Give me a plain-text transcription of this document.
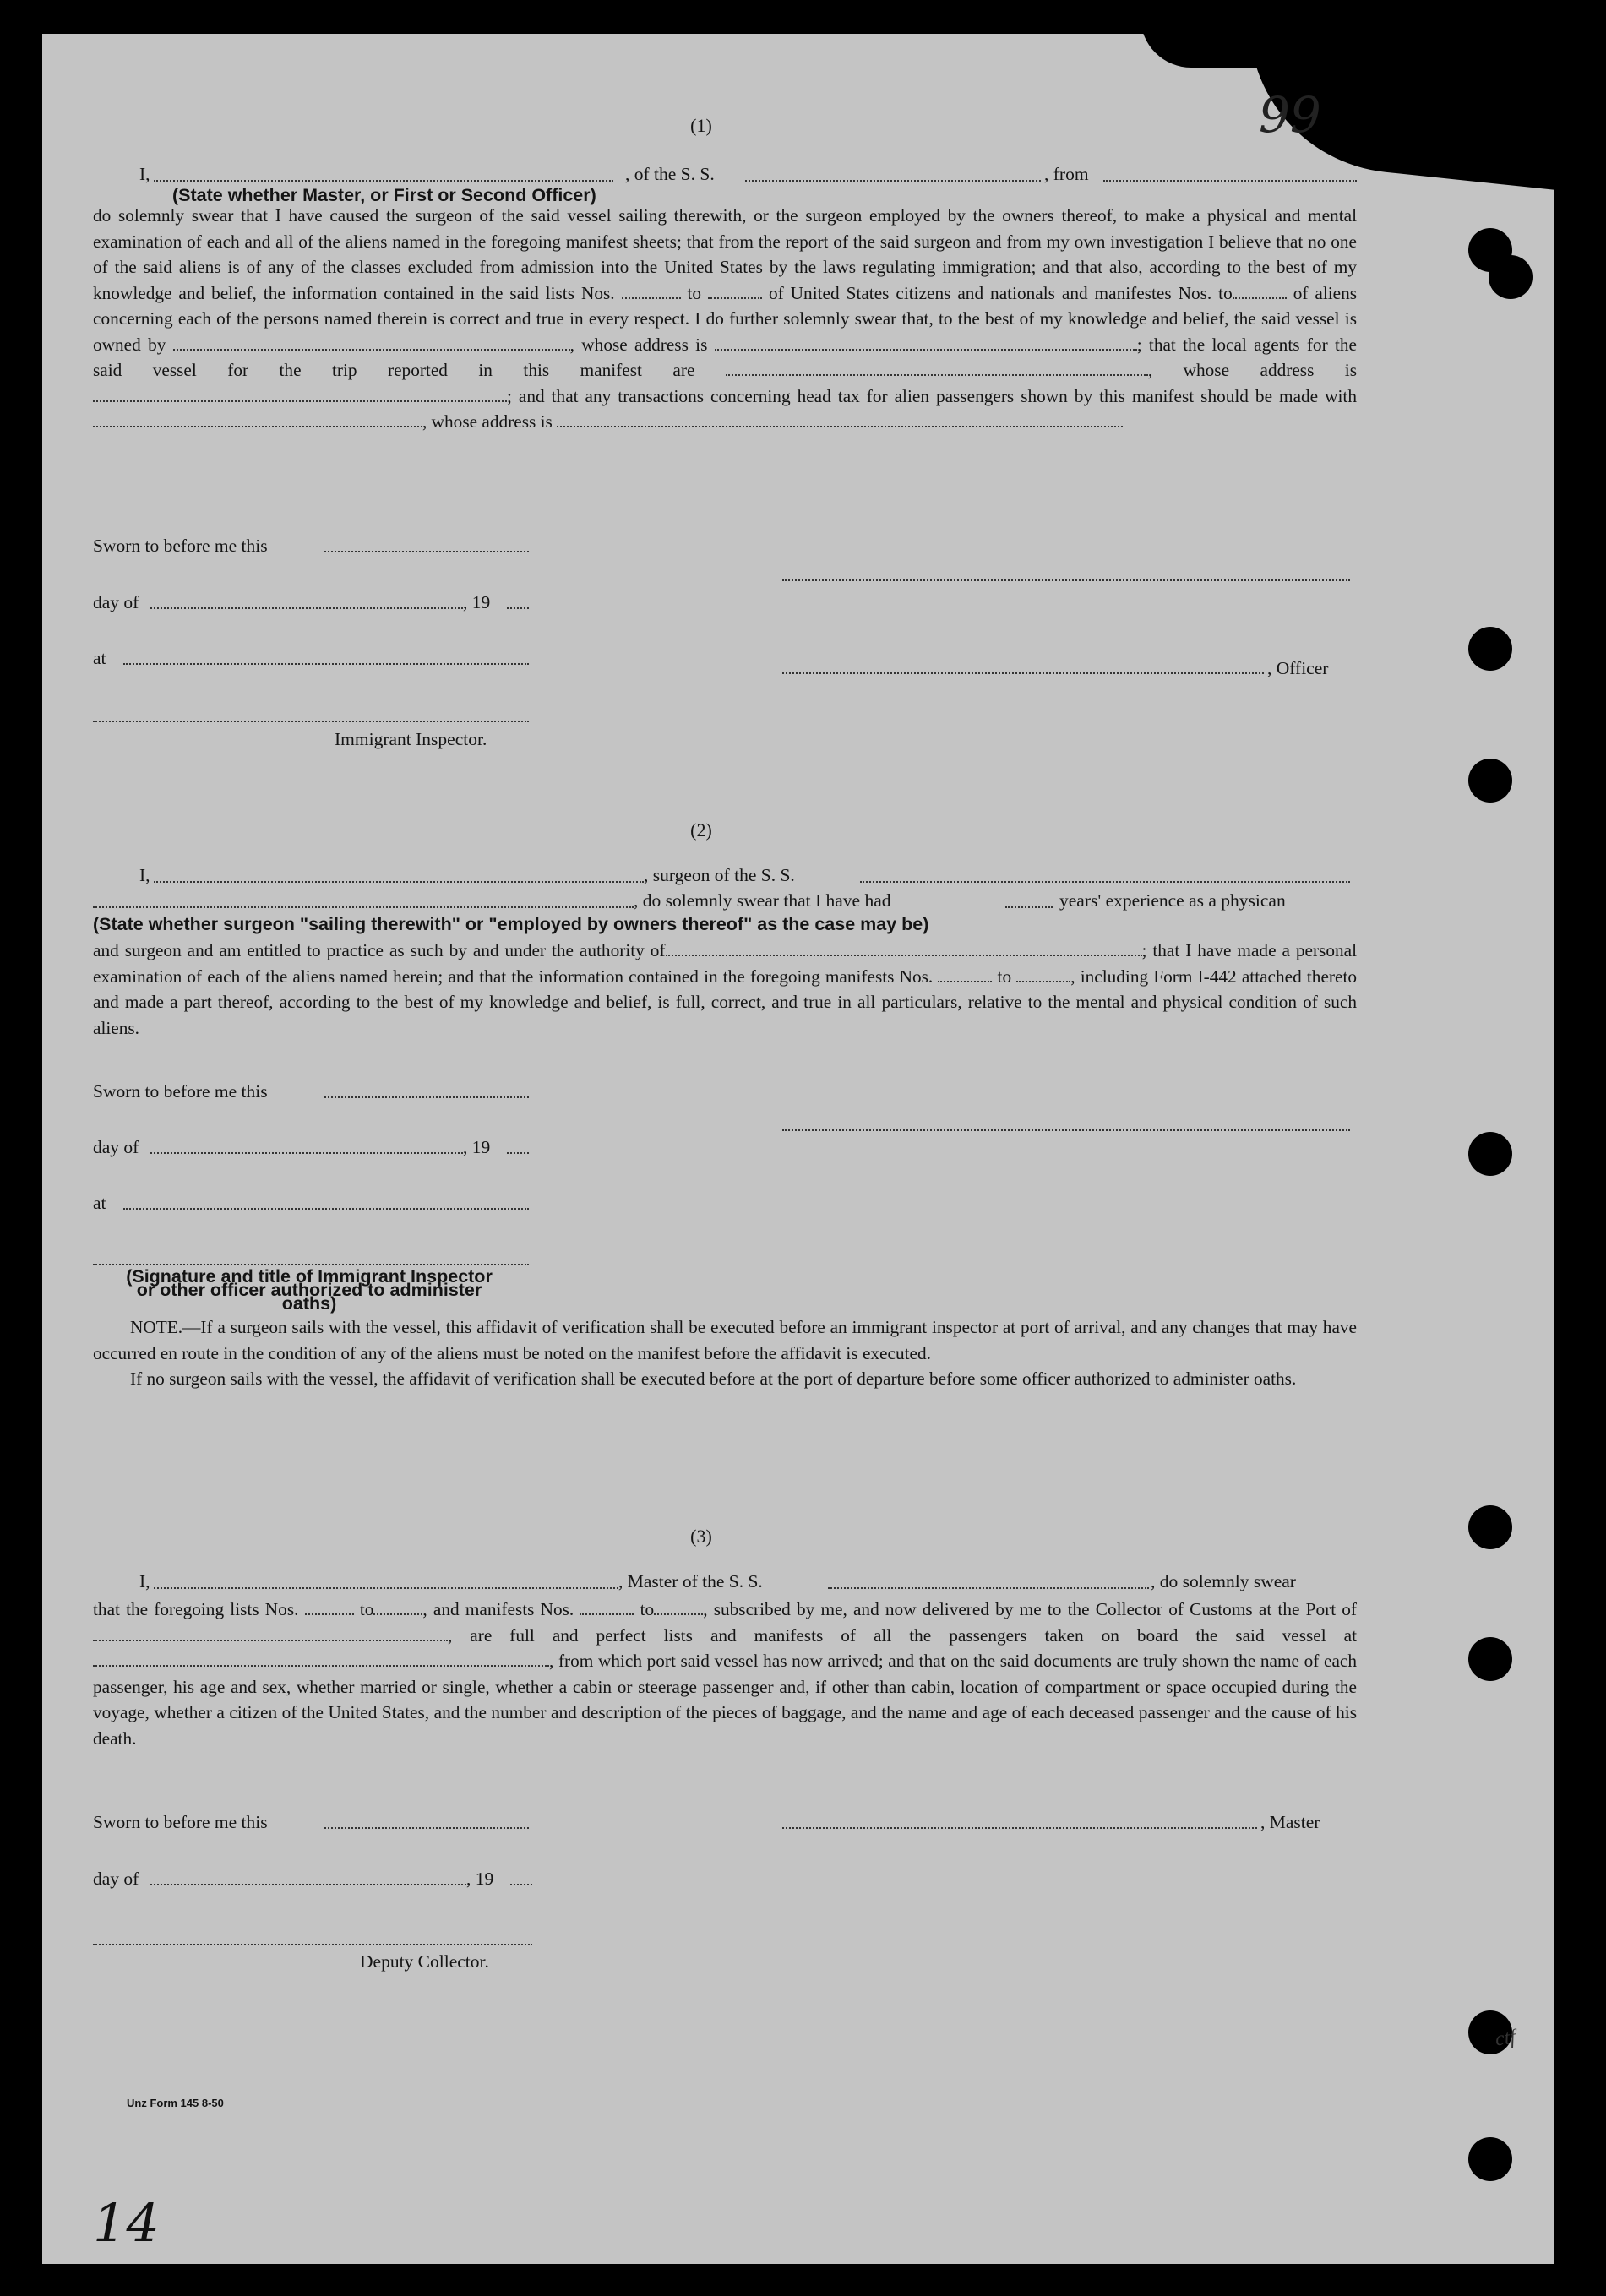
99
ctf
(1)
I,	, of the S. S.	, from
(State whether Master, or First or Second Officer)

do solemnly swear that I have caused the surgeon of the said vessel sailing therewith, or the surgeon employed by the owners thereof, to make a physical and mental examination of each and all of the aliens named in the foregoing manifest sheets; that from the report of the said surgeon and from my own investigation I believe that no one of the said aliens is of any of the classes excluded from admission into the United States by the laws regulating immigration; and that also, according to the best of my knowledge and belief, the information contained in the said lists Nos.	to	of United States citizens and nationals and manifestes Nos. to	of aliens concerning each of the persons named therein is correct and true in every respect. I do further solemnly swear that, to the best of my knowledge and belief, the said vessel is owned by	, whose address is	; that the local agents for the said vessel for the trip reported in this manifest are	, whose address is ; and that any transactions concerning head tax for alien passengers shown by this manifest should be made with , whose address is

Sworn to before me this
day of	, 19
at	, Officer
Immigrant Inspector.
(2)
I,	, surgeon of the S. S.
, do solemnly swear that I have had	years' experience as a physican
(State whether surgeon "sailing therewith" or "employed by owners thereof" as the case may be)

and surgeon and am entitled to practice as such by and under the authority of	; that I have made a personal examination of each of the aliens named herein; and that the information contained in the foregoing manifests Nos.	to	, including Form I-442 attached thereto and made a part thereof, according to the best of my knowledge and belief, is full, correct, and true in all particulars, relative to the mental and physical condition of such aliens.

Sworn to before me this
day of	, 19
at
(Signature and title of Immigrant Inspector or other officer authorized to administer oaths)

NOTE.—If a surgeon sails with the vessel, this affidavit of verification shall be executed before an immigrant inspector at port of arrival, and any changes that may have occurred en route in the condition of any of the aliens must be noted on the manifest before the affidavit is executed.

If no surgeon sails with the vessel, the affidavit of verification shall be executed before at the port of departure before some officer authorized to administer oaths.

(3)
I,	, Master of the S. S.	, do solemnly swear

that the foregoing lists Nos.	to	, and manifests Nos.	to	, subscribed by me, and now delivered by me to the Collector of Customs at the Port of, are full and perfect lists and manifests of all the passengers taken on board the said vessel at , from which port said vessel has now arrived; and that on the said documents are truly shown the name of each passenger, his age and sex, whether married or single, whether a cabin or steerage passenger and, if other than cabin, location of compartment or space occupied during the voyage, whether a citizen of the United States, and the number and description of the pieces of baggage, and the name and age of each deceased passenger and the cause of his death.

Sworn to before me this	, Master
day of	, 19
Deputy Collector.
Unz Form 145 8-50
14
